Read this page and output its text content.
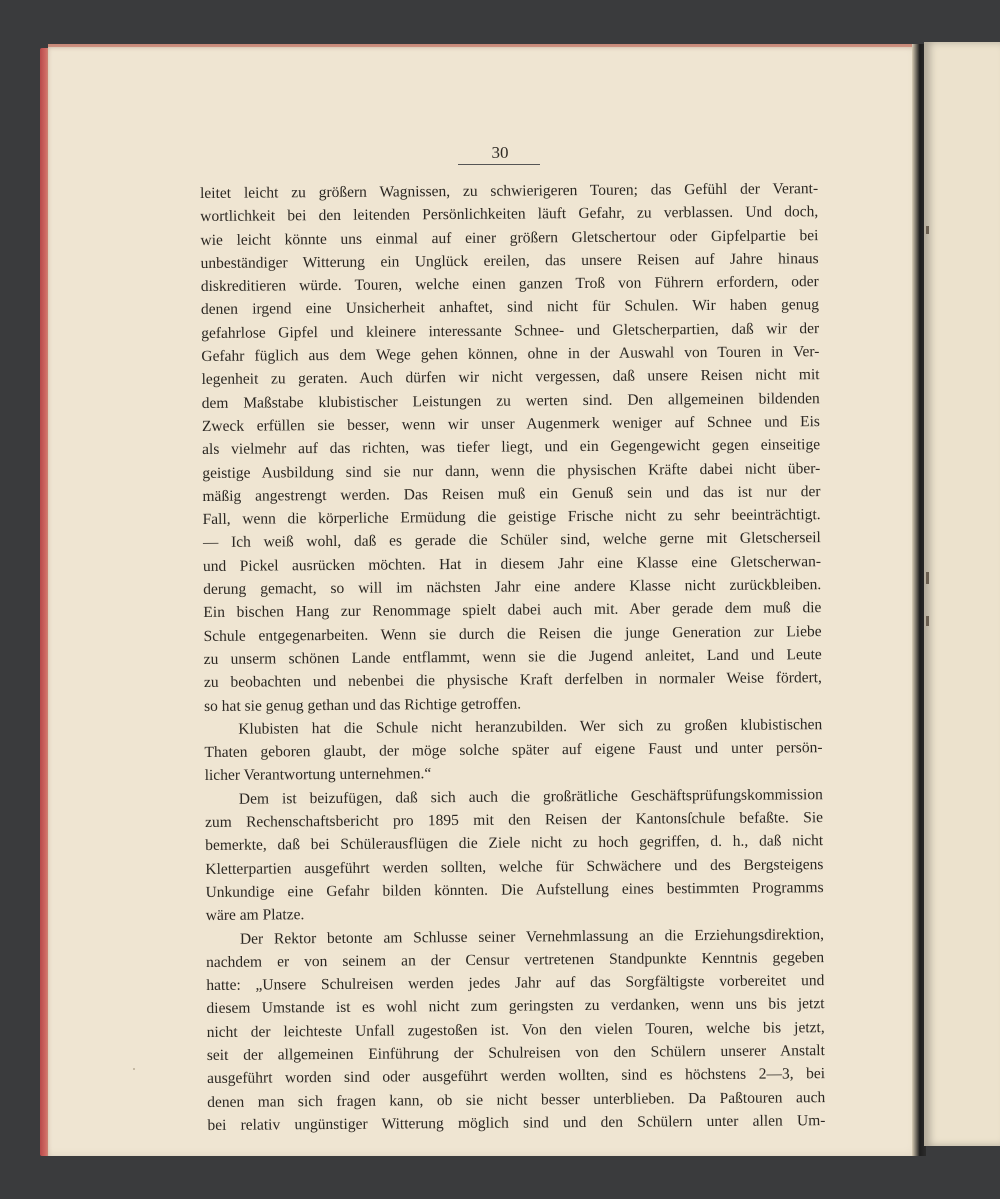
30
leitet leicht zu größern Wagnissen, zu schwierigeren Touren; das Gefühl der Verant-
wortlichkeit bei den leitenden Persönlichkeiten läuft Gefahr, zu verblassen. Und doch,
wie leicht könnte uns einmal auf einer größern Gletschertour oder Gipfelpartie bei
unbeständiger Witterung ein Unglück ereilen, das unsere Reisen auf Jahre hinaus
diskreditieren würde. Touren, welche einen ganzen Troß von Führern erfordern, oder
denen irgend eine Unsicherheit anhaftet, sind nicht für Schulen. Wir haben genug
gefahrlose Gipfel und kleinere interessante Schnee- und Gletscherpartien, daß wir der
Gefahr füglich aus dem Wege gehen können, ohne in der Auswahl von Touren in Ver-
legenheit zu geraten. Auch dürfen wir nicht vergessen, daß unsere Reisen nicht mit
dem Maßstabe klubistischer Leistungen zu werten sind. Den allgemeinen bildenden
Zweck erfüllen sie besser, wenn wir unser Augenmerk weniger auf Schnee und Eis
als vielmehr auf das richten, was tiefer liegt, und ein Gegengewicht gegen einseitige
geistige Ausbildung sind sie nur dann, wenn die physischen Kräfte dabei nicht über-
mäßig angestrengt werden. Das Reisen muß ein Genuß sein und das ist nur der
Fall, wenn die körperliche Ermüdung die geistige Frische nicht zu sehr beeinträchtigt.
— Ich weiß wohl, daß es gerade die Schüler sind, welche gerne mit Gletscherseil
und Pickel ausrücken möchten. Hat in diesem Jahr eine Klasse eine Gletscherwan-
derung gemacht, so will im nächsten Jahr eine andere Klasse nicht zurückbleiben.
Ein bischen Hang zur Renommage spielt dabei auch mit. Aber gerade dem muß die
Schule entgegenarbeiten. Wenn sie durch die Reisen die junge Generation zur Liebe
zu unserm schönen Lande entflammt, wenn sie die Jugend anleitet, Land und Leute
zu beobachten und nebenbei die physische Kraft derfelben in normaler Weise fördert,
so hat sie genug gethan und das Richtige getroffen.
Klubisten hat die Schule nicht heranzubilden. Wer sich zu großen klubistischen
Thaten geboren glaubt, der möge solche später auf eigene Faust und unter persön-
licher Verantwortung unternehmen.“
Dem ist beizufügen, daß sich auch die großrätliche Geschäftsprüfungskommission
zum Rechenschaftsbericht pro 1895 mit den Reisen der Kantonsſchule befaßte. Sie
bemerkte, daß bei Schülerausflügen die Ziele nicht zu hoch gegriffen, d. h., daß nicht
Kletterpartien ausgeführt werden sollten, welche für Schwächere und des Bergsteigens
Unkundige eine Gefahr bilden könnten. Die Aufstellung eines bestimmten Programms
wäre am Platze.
Der Rektor betonte am Schlusse seiner Vernehmlassung an die Erziehungsdirektion,
nachdem er von seinem an der Censur vertretenen Standpunkte Kenntnis gegeben
hatte: „Unsere Schulreisen werden jedes Jahr auf das Sorgfältigste vorbereitet und
diesem Umstande ist es wohl nicht zum geringsten zu verdanken, wenn uns bis jetzt
nicht der leichteste Unfall zugestoßen ist. Von den vielen Touren, welche bis jetzt,
seit der allgemeinen Einführung der Schulreisen von den Schülern unserer Anstalt
ausgeführt worden sind oder ausgeführt werden wollten, sind es höchstens 2—3, bei
denen man sich fragen kann, ob sie nicht besser unterblieben. Da Paßtouren auch
bei relativ ungünstiger Witterung möglich sind und den Schülern unter allen Um-
